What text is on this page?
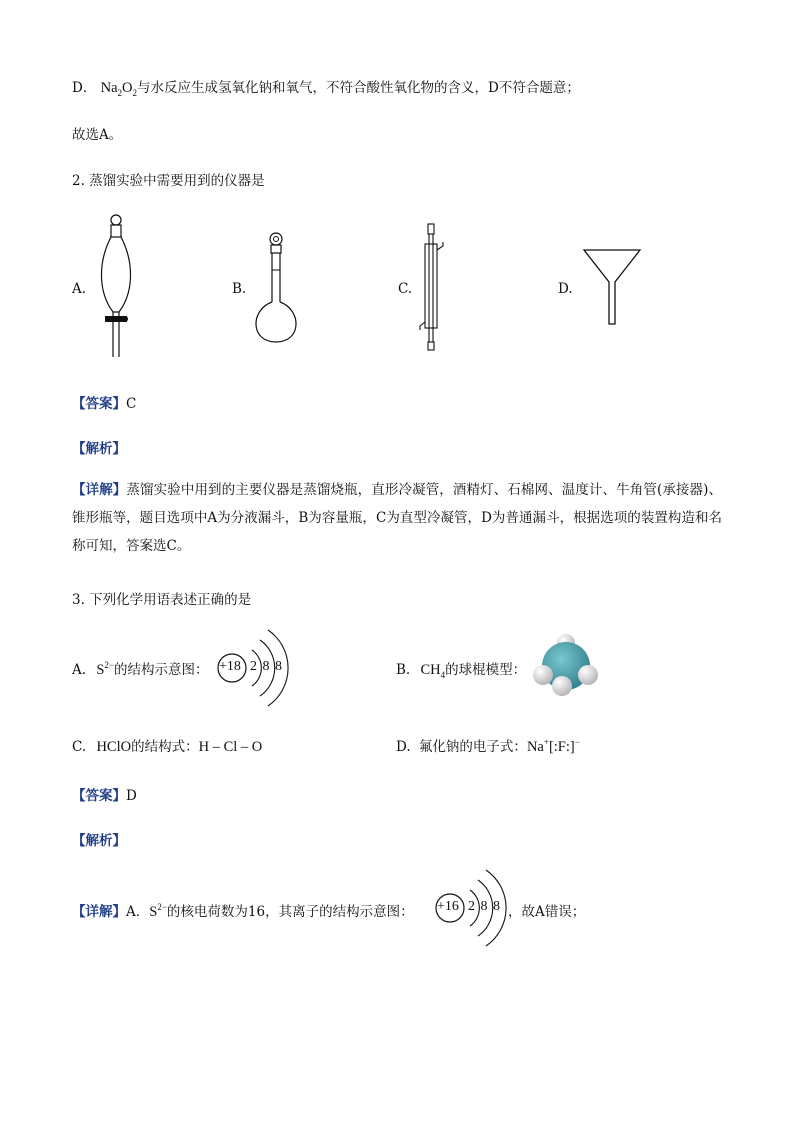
D． $Na_2O_2$与水反应生成氢氧化钠和氧气，不符合酸性氧化物的含义，D不符合题意；
故选A。
2. 蒸馏实验中需要用到的仪器是
A.	B.	C.	D.
【答案】C
【解析】
【详解】蒸馏实验中用到的主要仪器是蒸馏烧瓶，直形冷凝管，酒精灯、石棉网、温度计、牛角管(承接器)、锥形瓶等，题目选项中A为分液漏斗，B为容量瓶，C为直型冷凝管，D为普通漏斗，根据选项的装置构造和名称可知，答案选C。
3. 下列化学用语表述正确的是
A. $S^{2-}$的结构示意图： +18 2 8 8	B. $CH_4$的球棍模型：
C. HClO的结构式：H – Cl – O	D. 氟化钠的电子式：Na+[:F:]−
【答案】D
【解析】
【详解】A．$S^{2-}$的核电荷数为16，其离子的结构示意图： +16 2 8 8 ，故A错误；
